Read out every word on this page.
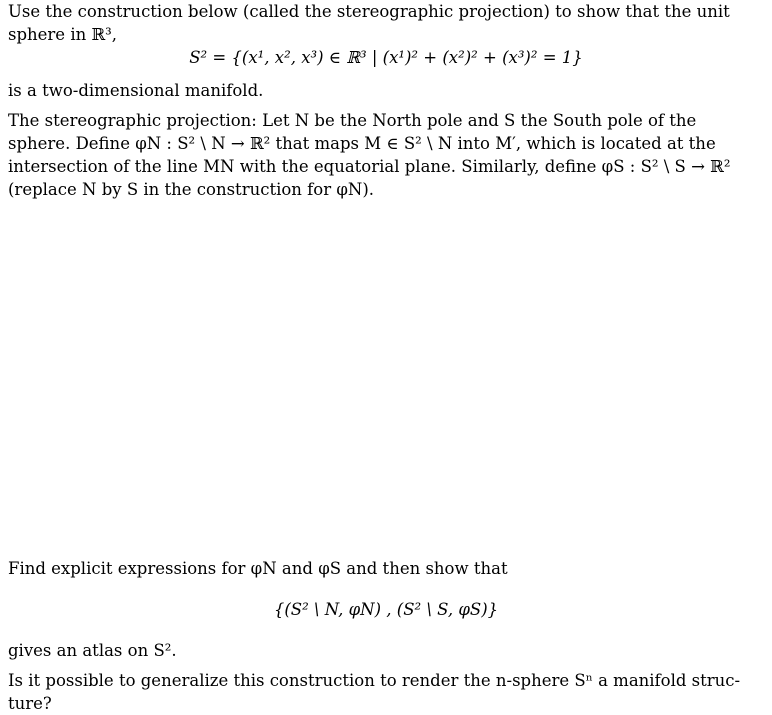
Use the construction below (called the stereographic projection) to show that the unit
sphere in ℝ³,
S² = {(x¹, x², x³) ∈ ℝ³ | (x¹)² + (x²)² + (x³)² = 1}
is a two-dimensional manifold.
The stereographic projection: Let N be the North pole and S the South pole of the
sphere. Define φN : S² \ N → ℝ² that maps M ∈ S² \ N into M′, which is located at the
intersection of the line MN with the equatorial plane. Similarly, define φS : S² \ S → ℝ²
(replace N by S in the construction for φN).
Find explicit expressions for φN and φS and then show that
{(S² \ N, φN) , (S² \ S, φS)}
gives an atlas on S².
Is it possible to generalize this construction to render the n-sphere Sⁿ a manifold struc-
ture?
